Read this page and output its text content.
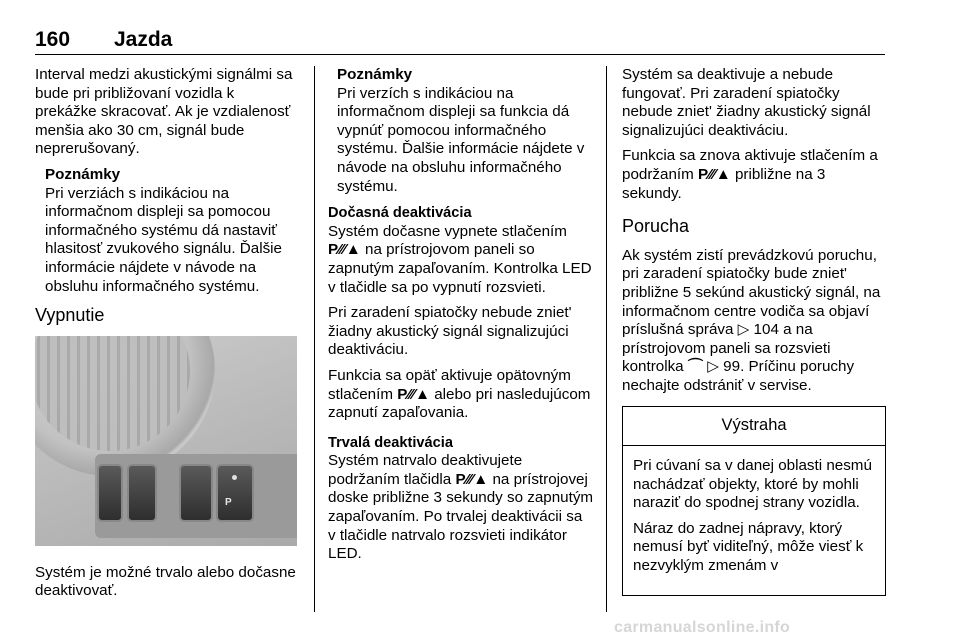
160 Jazda

Interval medzi akustickými signálmi sa bude pri približovaní vozidla k prekážke skracovať. Ak je vzdialenosť menšia ako 30 cm, signál bude neprerušovaný.

Poznámky
Pri verziách s indikáciou na informačnom displeji sa pomocou informačného systému dá nastaviť hlasitosť zvukového signálu. Ďalšie informácie nájdete v návode na obsluhu informačného systému.
Vypnutie
P

Systém je možné trvalo alebo dočasne deaktivovať.

Poznámky
Pri verzích s indikáciou na informačnom displeji sa funkcia dá vypnúť pomocou informačného systému. Ďalšie informácie nájdete v návode na obsluhu informačného systému.
Dočasná deaktivácia

Systém dočasne vypnete stlačením P⁄⁄⁄▲ na prístrojovom paneli so zapnutým zapaľovaním. Kontrolka LED v tlačidle sa po vypnutí rozsvieti.

Pri zaradení spiatočky nebude zniet' žiadny akustický signál signalizujúci deaktiváciu.

Funkcia sa opäť aktivuje opätovným stlačením P⁄⁄⁄▲ alebo pri nasledujúcom zapnutí zapaľovania.

Trvalá deaktivácia

Systém natrvalo deaktivujete podržaním tlačidla P⁄⁄⁄▲ na prístrojovej doske približne 3 sekundy so zapnutým zapaľovaním. Po trvalej deaktivácii sa v tlačidle natrvalo rozsvieti indikátor LED.

Systém sa deaktivuje a nebude fungovať. Pri zaradení spiatočky nebude zniet' žiadny akustický signál signalizujúci deaktiváciu.

Funkcia sa znova aktivuje stlačením a podržaním P⁄⁄⁄▲ približne na 3 sekundy.

Porucha

Ak systém zistí prevádzkovú poruchu, pri zaradení spiatočky bude zniet' približne 5 sekúnd akustický signál, na informačnom centre vodiča sa objaví príslušná správa ▷ 104 a na prístrojovom paneli sa rozsvieti kontrolka ⌒ ▷ 99. Príčinu poruchy nechajte odstrániť v servise.

Výstraha

Pri cúvaní sa v danej oblasti nesmú nachádzať objekty, ktoré by mohli naraziť do spodnej strany vozidla.

Náraz do zadnej nápravy, ktorý nemusí byť viditeľný, môže viesť k nezvyklým zmenám v

carmanualsonline.info
